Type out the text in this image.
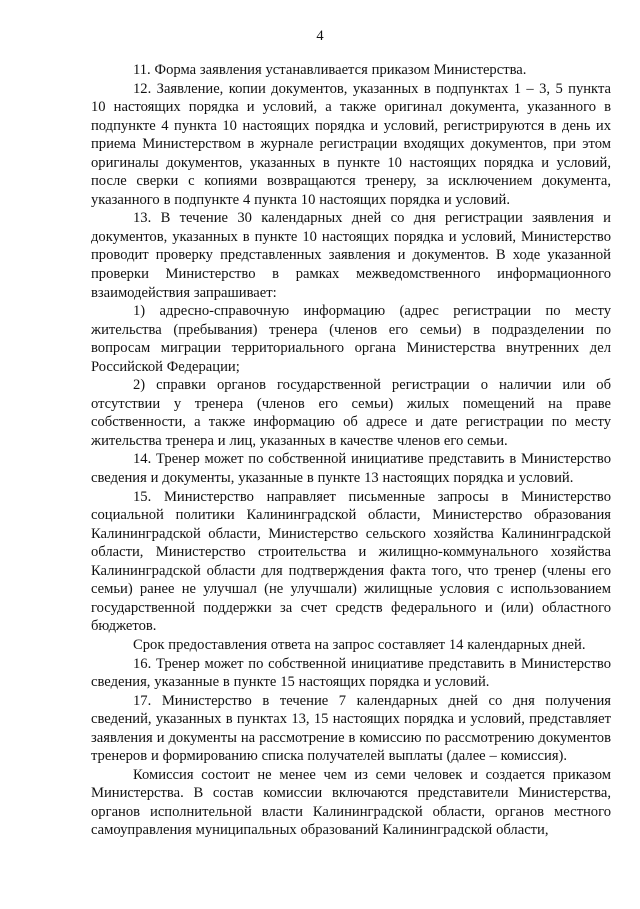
4

11. Форма заявления устанавливается приказом Министерства.

12. Заявление, копии документов, указанных в подпунктах 1 – 3, 5 пункта 10 настоящих порядка и условий, а также оригинал документа, указанного в подпункте 4 пункта 10 настоящих порядка и условий, регистрируются в день их приема Министерством в журнале регистрации входящих документов, при этом оригиналы документов, указанных в пункте 10 настоящих порядка и условий, после сверки с копиями возвращаются тренеру, за исключением документа, указанного в подпункте 4 пункта 10 настоящих порядка и условий.

13. В течение 30 календарных дней со дня регистрации заявления и документов, указанных в пункте 10 настоящих порядка и условий, Министерство проводит проверку представленных заявления и документов. В ходе указанной проверки Министерство в рамках межведомственного информационного взаимодействия запрашивает:

1) адресно-справочную информацию (адрес регистрации по месту жительства (пребывания) тренера (членов его семьи) в подразделении по вопросам миграции территориального органа Министерства внутренних дел Российской Федерации;

2) справки органов государственной регистрации о наличии или об отсутствии у тренера (членов его семьи) жилых помещений на праве собственности, а также информацию об адресе и дате регистрации по месту жительства тренера и лиц, указанных в качестве членов его семьи.

14. Тренер может по собственной инициативе представить в Министерство сведения и документы, указанные в пункте 13 настоящих порядка и условий.

15. Министерство направляет письменные запросы в Министерство социальной политики Калининградской области, Министерство образования Калининградской области, Министерство сельского хозяйства Калининградской области, Министерство строительства и жилищно-коммунального хозяйства Калининградской области для подтверждения факта того, что тренер (члены его семьи) ранее не улучшал (не улучшали) жилищные условия с использованием государственной поддержки за счет средств федерального и (или) областного бюджетов.

Срок предоставления ответа на запрос составляет 14 календарных дней.

16. Тренер может по собственной инициативе представить в Министерство сведения, указанные в пункте 15 настоящих порядка и условий.

17. Министерство в течение 7 календарных дней со дня получения сведений, указанных в пунктах 13, 15 настоящих порядка и условий, представляет заявления и документы на рассмотрение в комиссию по рассмотрению документов тренеров и формированию списка получателей выплаты (далее – комиссия).

Комиссия состоит не менее чем из семи человек и создается приказом Министерства. В состав комиссии включаются представители Министерства, органов исполнительной власти Калининградской области, органов местного самоуправления муниципальных образований Калининградской области,
